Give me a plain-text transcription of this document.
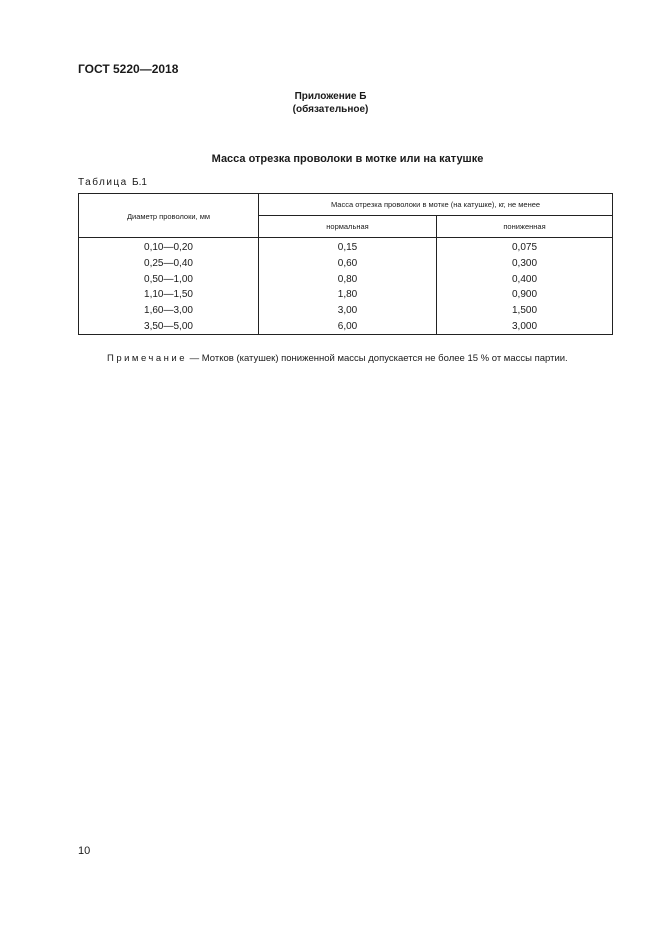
ГОСТ 5220—2018
Приложение Б
(обязательное)
Масса отрезка проволоки в мотке или на катушке
Таблица Б.1
Диаметр проволоки, мм	Масса отрезка проволоки в мотке (на катушке), кг, не менее	
	нормальная	пониженная
0,10—0,20	0,15	0,075
0,25—0,40	0,60	0,300
0,50—1,00	0,80	0,400
1,10—1,50	1,80	0,900
1,60—3,00	3,00	1,500
3,50—5,00	6,00	3,000
Примечание — Мотков (катушек) пониженной массы допускается не более 15 % от массы партии.
10
